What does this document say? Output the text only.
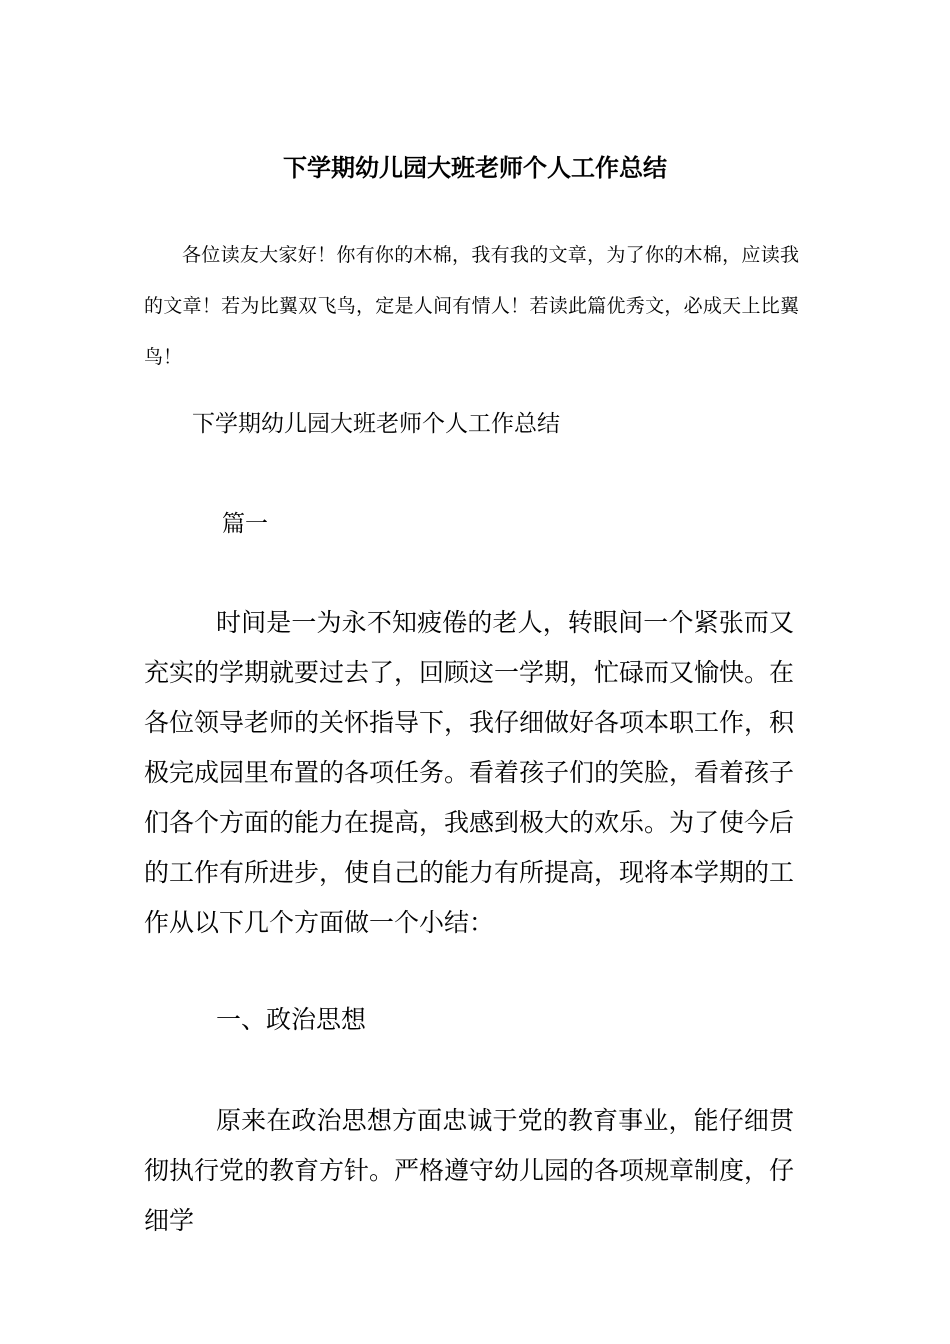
下学期幼儿园大班老师个人工作总结

各位读友大家好！你有你的木棉，我有我的文章，为了你的木棉，应读我的文章！若为比翼双飞鸟，定是人间有情人！若读此篇优秀文，必成天上比翼鸟！

下学期幼儿园大班老师个人工作总结

篇一

时间是一为永不知疲倦的老人，转眼间一个紧张而又充实的学期就要过去了，回顾这一学期，忙碌而又愉快。在各位领导老师的关怀指导下，我仔细做好各项本职工作，积极完成园里布置的各项任务。看着孩子们的笑脸，看着孩子们各个方面的能力在提高，我感到极大的欢乐。为了使今后的工作有所进步，使自己的能力有所提高，现将本学期的工作从以下几个方面做一个小结：

一、政治思想

原来在政治思想方面忠诚于党的教育事业，能仔细贯彻执行党的教育方针。严格遵守幼儿园的各项规章制度，仔细学
